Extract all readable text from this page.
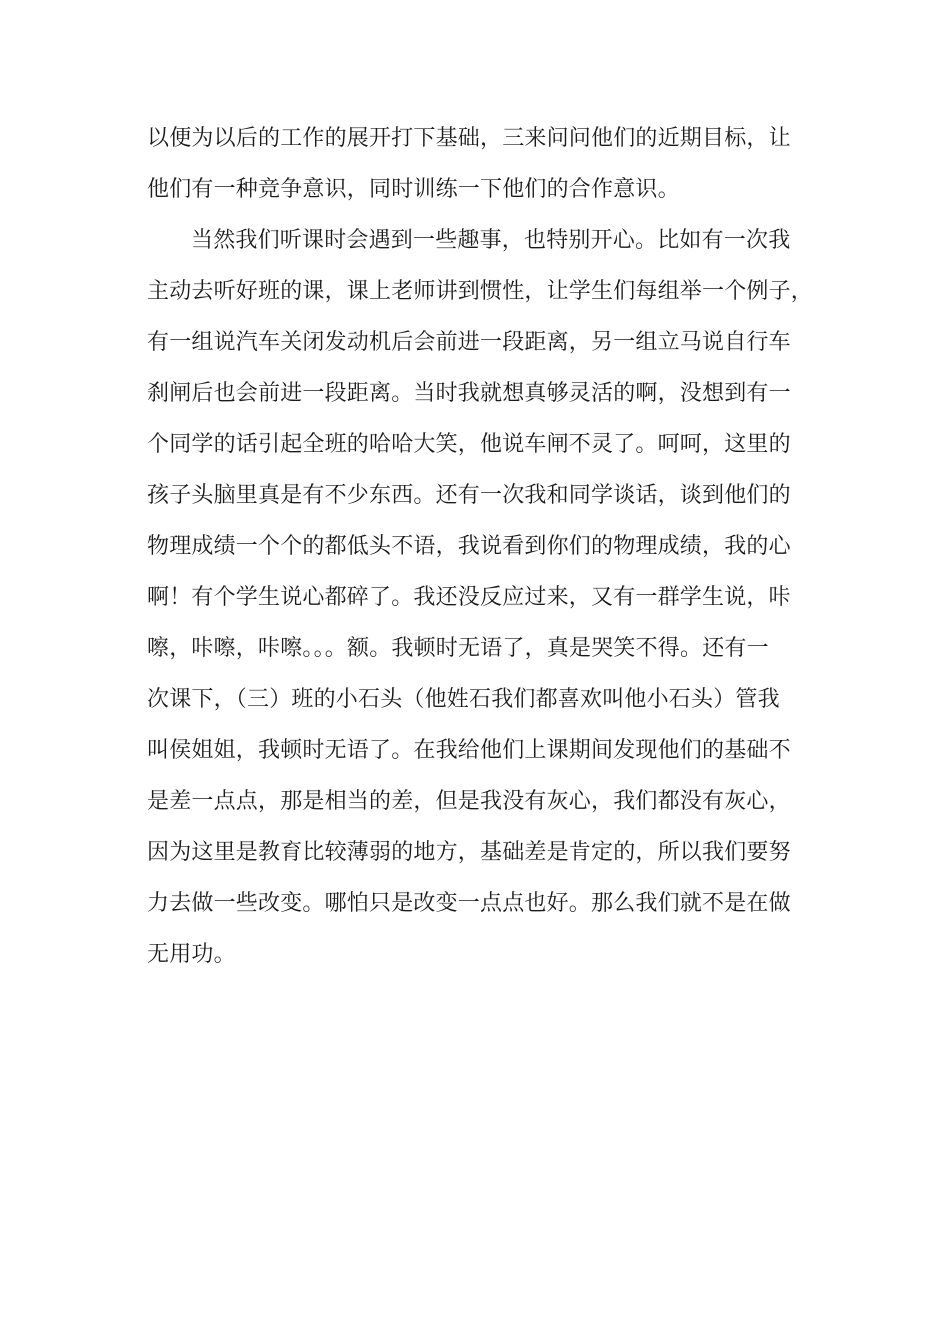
以便为以后的工作的展开打下基础，三来问问他们的近期目标，让
他们有一种竞争意识，同时训练一下他们的合作意识。
当然我们听课时会遇到一些趣事，也特别开心。比如有一次我
主动去听好班的课，课上老师讲到惯性，让学生们每组举一个例子，
有一组说汽车关闭发动机后会前进一段距离，另一组立马说自行车
刹闸后也会前进一段距离。当时我就想真够灵活的啊，没想到有一
个同学的话引起全班的哈哈大笑，他说车闸不灵了。呵呵，这里的
孩子头脑里真是有不少东西。还有一次我和同学谈话，谈到他们的
物理成绩一个个的都低头不语，我说看到你们的物理成绩，我的心
啊！有个学生说心都碎了。我还没反应过来，又有一群学生说，咔
嚓，咔嚓，咔嚓。。。额。我顿时无语了，真是哭笑不得。还有一
次课下，（三）班的小石头（他姓石我们都喜欢叫他小石头）管我
叫侯姐姐，我顿时无语了。在我给他们上课期间发现他们的基础不
是差一点点，那是相当的差，但是我没有灰心，我们都没有灰心，
因为这里是教育比较薄弱的地方，基础差是肯定的，所以我们要努
力去做一些改变。哪怕只是改变一点点也好。那么我们就不是在做
无用功。
